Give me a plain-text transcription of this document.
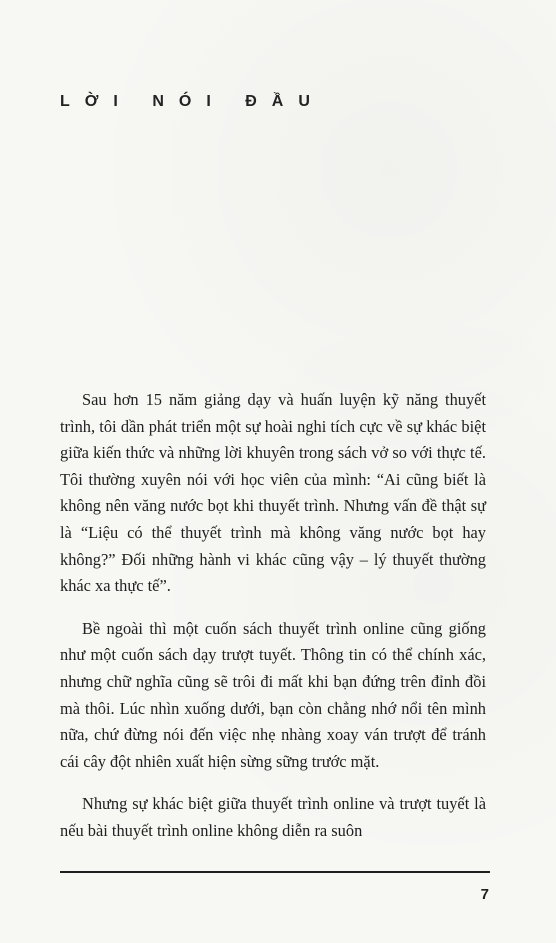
LỜI NÓI ĐẦU

Sau hơn 15 năm giảng dạy và huấn luyện kỹ năng thuyết trình, tôi dần phát triển một sự hoài nghi tích cực về sự khác biệt giữa kiến thức và những lời khuyên trong sách vở so với thực tế. Tôi thường xuyên nói với học viên của mình: “Ai cũng biết là không nên văng nước bọt khi thuyết trình. Nhưng vấn đề thật sự là “Liệu có thể thuyết trình mà không văng nước bọt hay không?” Đối những hành vi khác cũng vậy – lý thuyết thường khác xa thực tế”.

Bề ngoài thì một cuốn sách thuyết trình online cũng giống như một cuốn sách dạy trượt tuyết. Thông tin có thể chính xác, nhưng chữ nghĩa cũng sẽ trôi đi mất khi bạn đứng trên đỉnh đồi mà thôi. Lúc nhìn xuống dưới, bạn còn chẳng nhớ nổi tên mình nữa, chứ đừng nói đến việc nhẹ nhàng xoay ván trượt để tránh cái cây đột nhiên xuất hiện sừng sững trước mặt.

Nhưng sự khác biệt giữa thuyết trình online và trượt tuyết là nếu bài thuyết trình online không diễn ra suôn

7
